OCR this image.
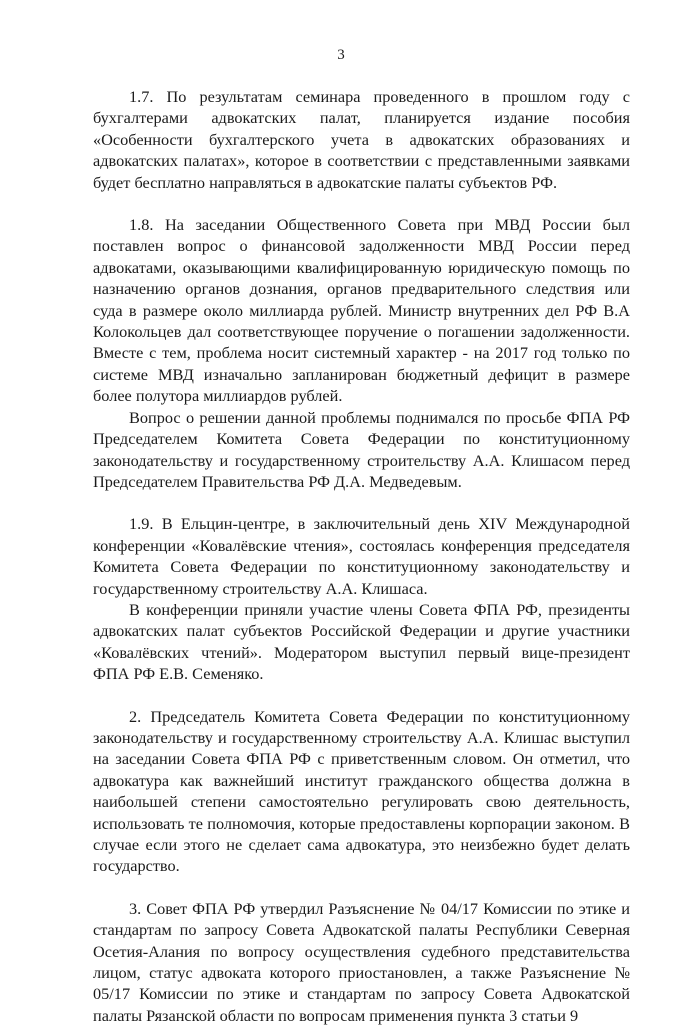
3

1.7. По результатам семинара проведенного в прошлом году с бухгалтерами адвокатских палат, планируется издание пособия «Особенности бухгалтерского учета в адвокатских образованиях и адвокатских палатах», которое в соответствии с представленными заявками будет бесплатно направляться в адвокатские палаты субъектов РФ.

1.8. На заседании Общественного Совета при МВД России был поставлен вопрос о финансовой задолженности МВД России перед адвокатами, оказывающими квалифицированную юридическую помощь по назначению органов дознания, органов предварительного следствия или суда в размере около миллиарда рублей. Министр внутренних дел РФ В.А Колокольцев дал соответствующее поручение о погашении задолженности. Вместе с тем, проблема носит системный характер - на 2017 год только по системе МВД изначально запланирован бюджетный дефицит в размере более полутора миллиардов рублей.

Вопрос о решении данной проблемы поднимался по просьбе ФПА РФ Председателем Комитета Совета Федерации по конституционному законодательству и государственному строительству А.А. Клишасом перед Председателем Правительства РФ Д.А. Медведевым.

1.9. В Ельцин-центре, в заключительный день XIV Международной конференции «Ковалёвские чтения», состоялась конференция председателя Комитета Совета Федерации по конституционному законодательству и государственному строительству А.А. Клишаса.

В конференции приняли участие члены Совета ФПА РФ, президенты адвокатских палат субъектов Российской Федерации и другие участники «Ковалёвских чтений». Модератором выступил первый вице-президент ФПА РФ Е.В. Семеняко.

2. Председатель Комитета Совета Федерации по конституционному законодательству и государственному строительству А.А. Клишас выступил на заседании Совета ФПА РФ с приветственным словом. Он отметил, что адвокатура как важнейший институт гражданского общества должна в наибольшей степени самостоятельно регулировать свою деятельность, использовать те полномочия, которые предоставлены корпорации законом. В случае если этого не сделает сама адвокатура, это неизбежно будет делать государство.

3. Совет ФПА РФ утвердил Разъяснение № 04/17 Комиссии по этике и стандартам по запросу Совета Адвокатской палаты Республики Северная Осетия-Алания по вопросу осуществления судебного представительства лицом, статус адвоката которого приостановлен, а также Разъяснение № 05/17 Комиссии по этике и стандартам по запросу Совета Адвокатской палаты Рязанской области по вопросам применения пункта 3 статьи 9
